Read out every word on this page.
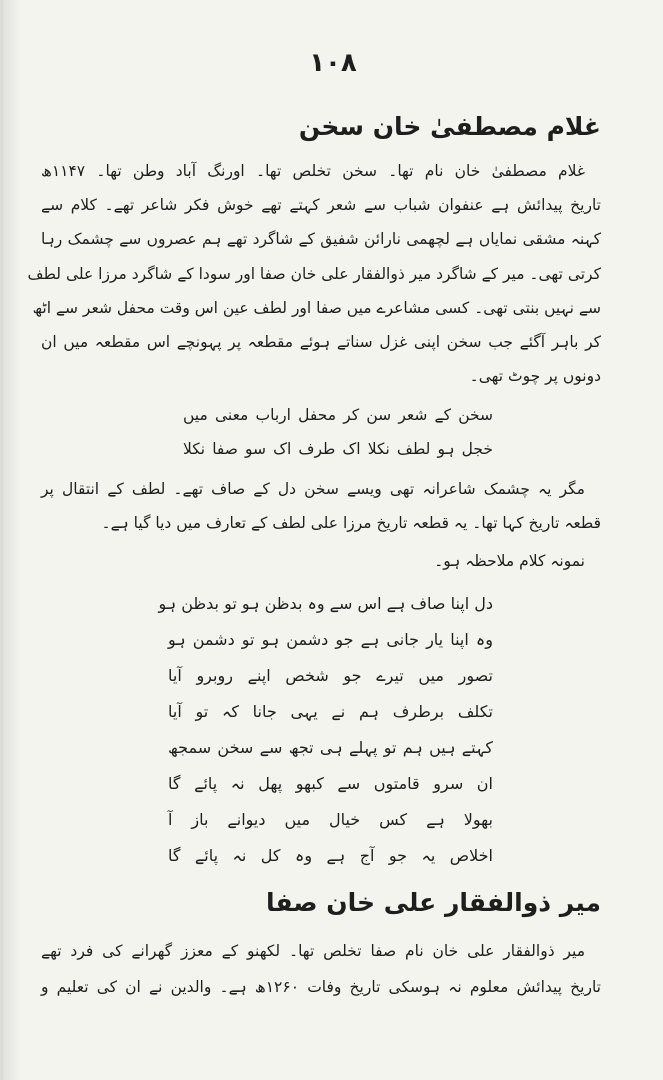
۱۰۸
غلام مصطفیٰ خان سخن
غلام مصطفیٰ خان نام تھا۔ سخن تخلص تھا۔ اورنگ آباد وطن تھا۔ ۱۱۴۷ھ
تاریخ پیدائش ہے عنفوان شباب سے شعر کہتے تھے خوش فکر شاعر تھے۔ کلام سے
کہنہ مشقی نمایاں ہے لچھمی نارائن شفیق کے شاگرد تھے ہم عصروں سے چشمک رہا
کرتی تھی۔ میر کے شاگرد میر ذوالفقار علی خان صفا اور سودا کے شاگرد مرزا علی لطف
سے نہیں بنتی تھی۔ کسی مشاعرے میں صفا اور لطف عین اس وقت محفل شعر سے اٹھ
کر باہر آگئے جب سخن اپنی غزل سناتے ہوئے مقطعہ پر پہونچے اس مقطعہ میں ان
دونوں پر چوٹ تھی۔
سخن کے شعر سن کر محفل ارباب معنی میں
خجل ہو لطف نکلا اک طرف اک سو صفا نکلا
مگر یہ چشمک شاعرانہ تھی ویسے سخن دل کے صاف تھے۔ لطف کے انتقال پر
قطعہ تاریخ کہا تھا۔ یہ قطعہ تاریخ مرزا علی لطف کے تعارف میں دیا گیا ہے۔
نمونہ کلام ملاحظہ ہو۔
دل اپنا صاف ہے اس سے وہ بدظن ہو تو بدظن ہو
وہ اپنا یار جانی ہے جو دشمن ہو تو دشمن ہو
تصور میں تیرے جو شخص اپنے روبرو آیا
تکلف برطرف ہم نے یہی جانا کہ تو آیا
کہتے ہیں ہم تو پہلے ہی تجھ سے سخن سمجھ
ان سرو قامتوں سے کبھو پھل نہ پائے گا
بھولا ہے کس خیال میں دیوانے باز آ
اخلاص یہ جو آج ہے وہ کل نہ پائے گا
میر ذوالفقار علی خان صفا
میر ذوالفقار علی خان نام صفا تخلص تھا۔ لکھنو کے معزز گھرانے کی فرد تھے
تاریخ پیدائش معلوم نہ ہوسکی تاریخ وفات ۱۲۶۰ھ ہے۔ والدین نے ان کی تعلیم و
